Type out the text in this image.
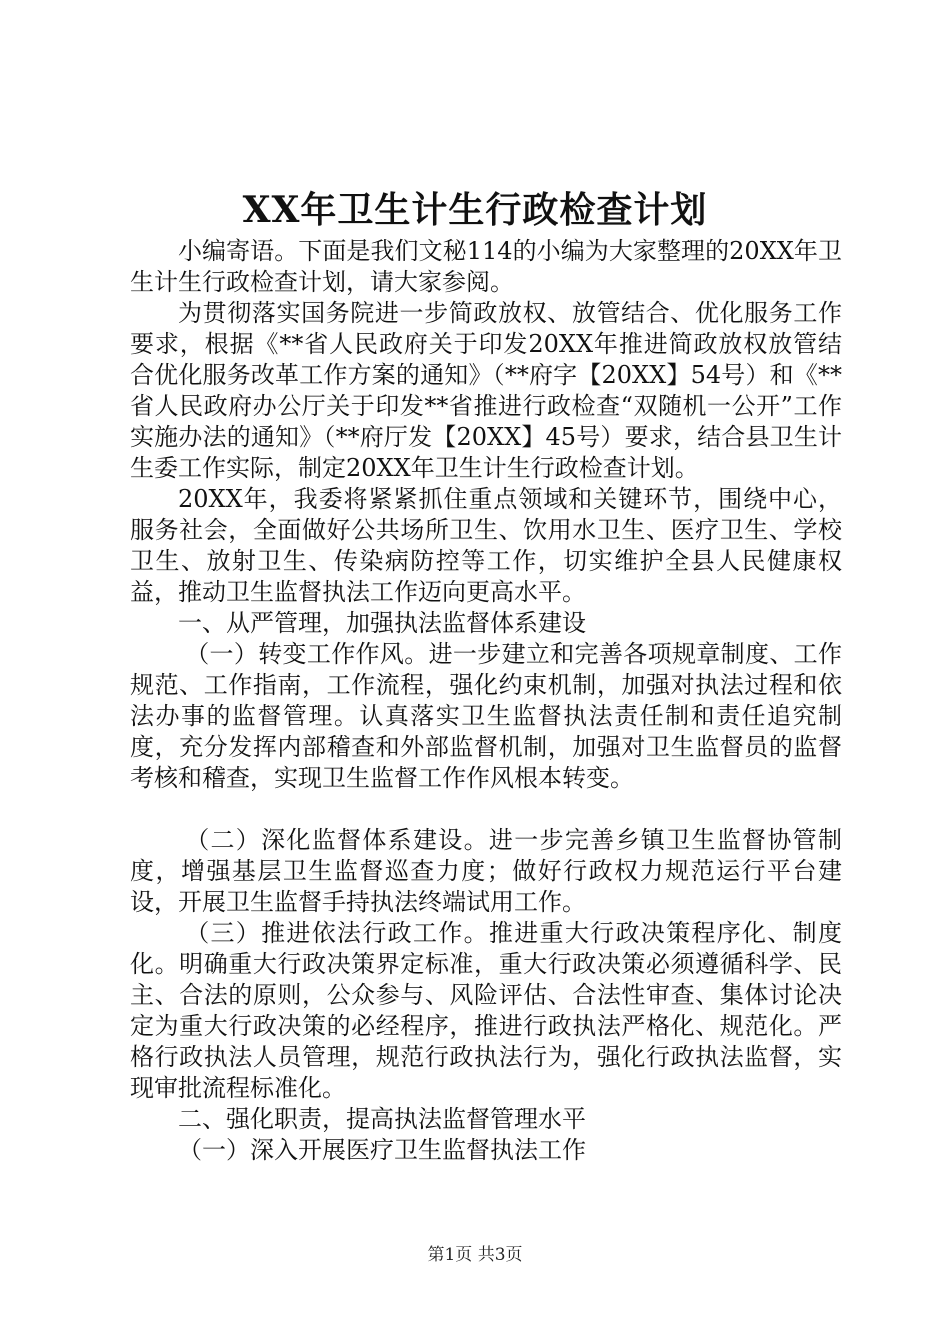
XX年卫生计生行政检查计划

小编寄语。下面是我们文秘114的小编为大家整理的20XX年卫生计生行政检查计划，请大家参阅。

为贯彻落实国务院进一步简政放权、放管结合、优化服务工作要求，根据《**省人民政府关于印发20XX年推进简政放权放管结合优化服务改革工作方案的通知》（**府字【20XX】54号）和《**省人民政府办公厅关于印发**省推进行政检查“双随机一公开”工作实施办法的通知》（**府厅发【20XX】45号）要求，结合县卫生计生委工作实际，制定20XX年卫生计生行政检查计划。

20XX年，我委将紧紧抓住重点领域和关键环节，围绕中心，服务社会，全面做好公共场所卫生、饮用水卫生、医疗卫生、学校卫生、放射卫生、传染病防控等工作，切实维护全县人民健康权益，推动卫生监督执法工作迈向更高水平。

一、从严管理，加强执法监督体系建设

（一）转变工作作风。进一步建立和完善各项规章制度、工作规范、工作指南，工作流程，强化约束机制，加强对执法过程和依法办事的监督管理。认真落实卫生监督执法责任制和责任追究制度，充分发挥内部稽查和外部监督机制，加强对卫生监督员的监督考核和稽查，实现卫生监督工作作风根本转变。

（二）深化监督体系建设。进一步完善乡镇卫生监督协管制度，增强基层卫生监督巡查力度；做好行政权力规范运行平台建设，开展卫生监督手持执法终端试用工作。

（三）推进依法行政工作。推进重大行政决策程序化、制度化。明确重大行政决策界定标准，重大行政决策必须遵循科学、民主、合法的原则，公众参与、风险评估、合法性审查、集体讨论决定为重大行政决策的必经程序，推进行政执法严格化、规范化。严格行政执法人员管理，规范行政执法行为，强化行政执法监督，实现审批流程标准化。

二、强化职责，提高执法监督管理水平

（一）深入开展医疗卫生监督执法工作

第1页 共3页
